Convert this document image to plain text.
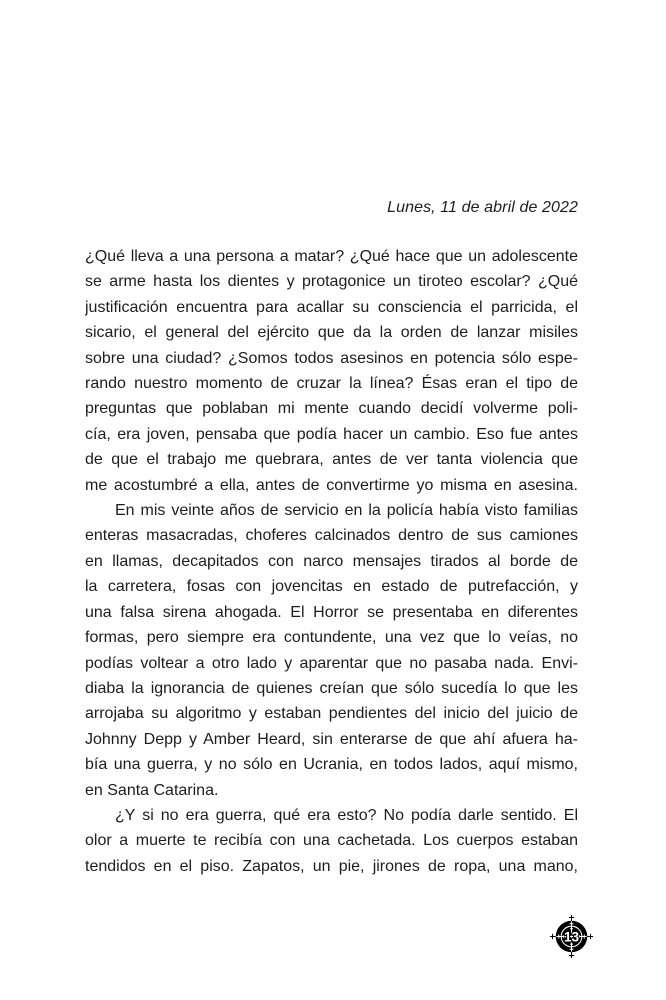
Lunes, 11 de abril de 2022
¿Qué lleva a una persona a matar? ¿Qué hace que un adolescente
se arme hasta los dientes y protagonice un tiroteo escolar? ¿Qué
justificación encuentra para acallar su consciencia el parricida, el
sicario, el general del ejército que da la orden de lanzar misiles
sobre una ciudad? ¿Somos todos asesinos en potencia sólo espe-
rando nuestro momento de cruzar la línea? Ésas eran el tipo de
preguntas que poblaban mi mente cuando decidí volverme poli-
cía, era joven, pensaba que podía hacer un cambio. Eso fue antes
de que el trabajo me quebrara, antes de ver tanta violencia que
me acostumbré a ella, antes de convertirme yo misma en asesina.
En mis veinte años de servicio en la policía había visto familias
enteras masacradas, choferes calcinados dentro de sus camiones
en llamas, decapitados con narco mensajes tirados al borde de
la carretera, fosas con jovencitas en estado de putrefacción, y
una falsa sirena ahogada. El Horror se presentaba en diferentes
formas, pero siempre era contundente, una vez que lo veías, no
podías voltear a otro lado y aparentar que no pasaba nada. Envi-
diaba la ignorancia de quienes creían que sólo sucedía lo que les
arrojaba su algoritmo y estaban pendientes del inicio del juicio de
Johnny Depp y Amber Heard, sin enterarse de que ahí afuera ha-
bía una guerra, y no sólo en Ucrania, en todos lados, aquí mismo,
en Santa Catarina.
¿Y si no era guerra, qué era esto? No podía darle sentido. El
olor a muerte te recibía con una cachetada. Los cuerpos estaban
tendidos en el piso. Zapatos, un pie, jirones de ropa, una mano,
13
